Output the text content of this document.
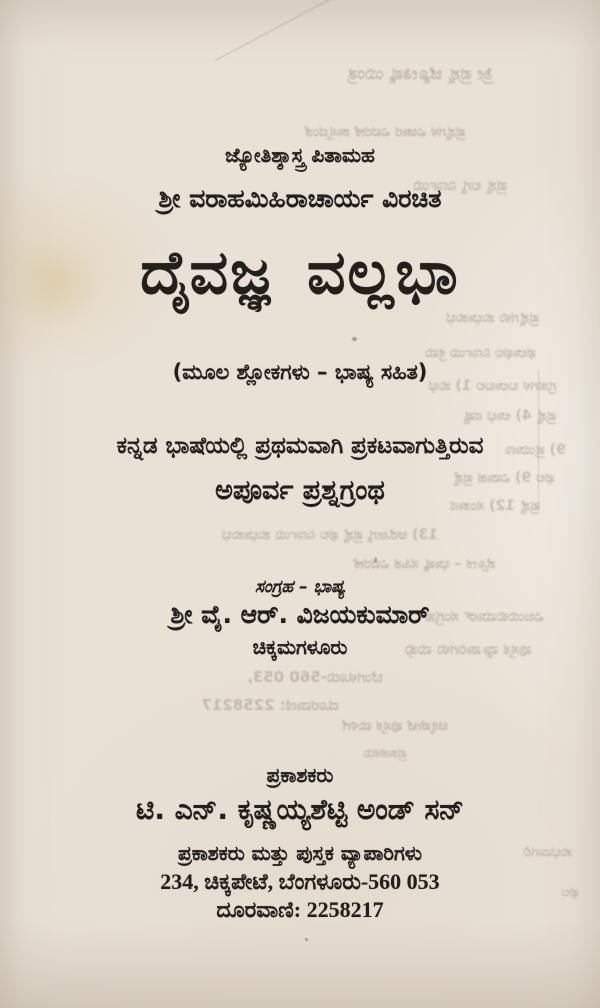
ಶ್ರೀ ಪ್ರಶ್ನ ಜ್ಯೋತಿಷ್ಯ ಯಂತ್ರ
ಪ್ರಶ್ನಗಳ ವಿಚಾರ ವಿವರಣೆ ಶಾಸ್ತ್ರದಂತೆ
ಪ್ರಶ್ನ ಲಗ್ನ ನಿರ್ಣಯ
ಪ್ರಶ್ನೆಗಳು ಶುಭಾಶುಭ
ಫಲಾಫಲ ನಿರ್ಣಯ ಕ್ರಮ
ಗ್ರಹಗಳ ಬಲಾಬಲ 1) ಶುಭ
ಪ್ರಶ್ನೆ 4) ಲಾಭ ನಷ್ಟ
9) ಪ್ರಯಾಣ
ಫಲ 9) ವಿವಾಹ ಪ್ರಶ್ನೆ
ಪ್ರಶ್ನೆ 12) ಸಂತಾನ
13) ಆರೋಗ್ಯ ಪ್ರಶ್ನೆ ಫಲ ನಿರ್ಣಯ ಶುಭಾಶುಭ
ಶ್ಲೋಕ – ಭಾಷ್ಯ ಸಹಿತ ವಿವರಣೆ
ವಿಜಯಕುಮಾರ್ ಸಂಗ್ರಹ
ಪುಸ್ತಕ ವ್ಯಾಪಾರಿಗಳು ಮತ್ತು
ಬೆಂಗಳೂರು-560 053,
ದೂರವಾಣಿ: 2258217
ಚಿಕ್ಕಪೇಟೆ ಪುಸ್ತಕ ಮಳಿಗೆ
ಪ್ರಕಾಶಕರು
ಶುಭವಾಗಲಿ
ಫಲ
ಜ್ಯೋತಿಶ್ಶಾಸ್ತ್ರ ಪಿತಾಮಹ
ಶ್ರೀ ವರಾಹಮಿಹಿರಾಚಾರ್ಯ ವಿರಚಿತ
ದೈವಜ್ಞ ವಲ್ಲಭಾ
(ಮೂಲ ಶ್ಲೋಕಗಳು – ಭಾಷ್ಯ ಸಹಿತ)
ಕನ್ನಡ ಭಾಷೆಯಲ್ಲಿ ಪ್ರಥಮವಾಗಿ ಪ್ರಕಟವಾಗುತ್ತಿರುವ
ಅಪೂರ್ವ ಪ್ರಶ್ನಗ್ರಂಥ
ಸಂಗ್ರಹ – ಭಾಷ್ಯ
ಶ್ರೀ ವೈ. ಆರ್. ವಿಜಯಕುಮಾರ್
ಚಿಕ್ಕಮಗಳೂರು
ಪ್ರಕಾಶಕರು
ಟಿ. ಎನ್. ಕೃಷ್ಣಯ್ಯಶೆಟ್ಟಿ ಅಂಡ್ ಸನ್
ಪ್ರಕಾಶಕರು ಮತ್ತು ಪುಸ್ತಕ ವ್ಯಾಪಾರಿಗಳು
234, ಚಿಕ್ಕಪೇಟೆ, ಬೆಂಗಳೂರು-560 053
ದೂರವಾಣಿ: 2258217
